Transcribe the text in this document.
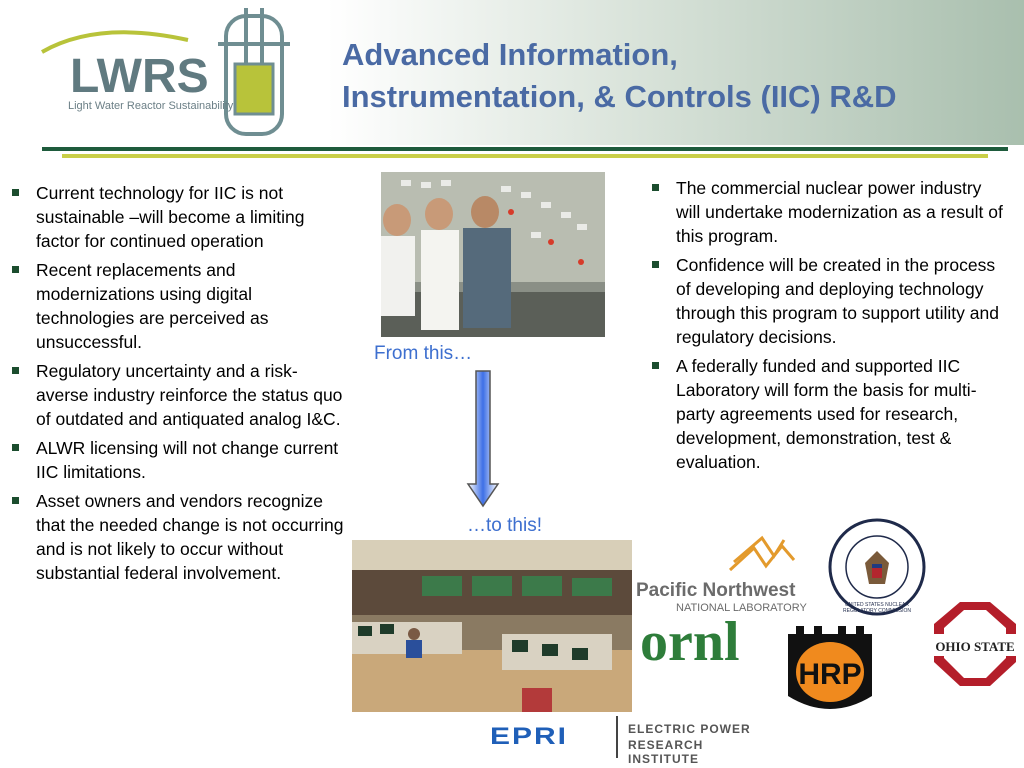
LWRS
Light Water Reactor Sustainability
Advanced Information,
Instrumentation, & Controls (IIC) R&D
Current technology for IIC is not sustainable –will become a limiting factor for continued operation
Recent replacements and modernizations using digital technologies are perceived as unsuccessful.
Regulatory uncertainty and a risk-averse industry reinforce the status quo of outdated and antiquated analog I&C.
ALWR licensing will not change current IIC limitations.
Asset owners and vendors recognize that the needed change is not occurring and is not likely to occur without substantial federal involvement.
From this…
…to this!
The commercial nuclear power industry will undertake modernization as a result of this program.
Confidence will be created in the process of developing and deploying technology through this program to support utility and regulatory decisions.
A federally funded and supported IIC Laboratory will form the basis for multi-party agreements used for research, development, demonstration, test & evaluation.
Pacific Northwest
NATIONAL LABORATORY	UNITED STATES NUCLEAR REGULATORY COMMISSION
ornl
HRP
OHIO STATE
EPRI	ELECTRIC POWER
RESEARCH INSTITUTE
